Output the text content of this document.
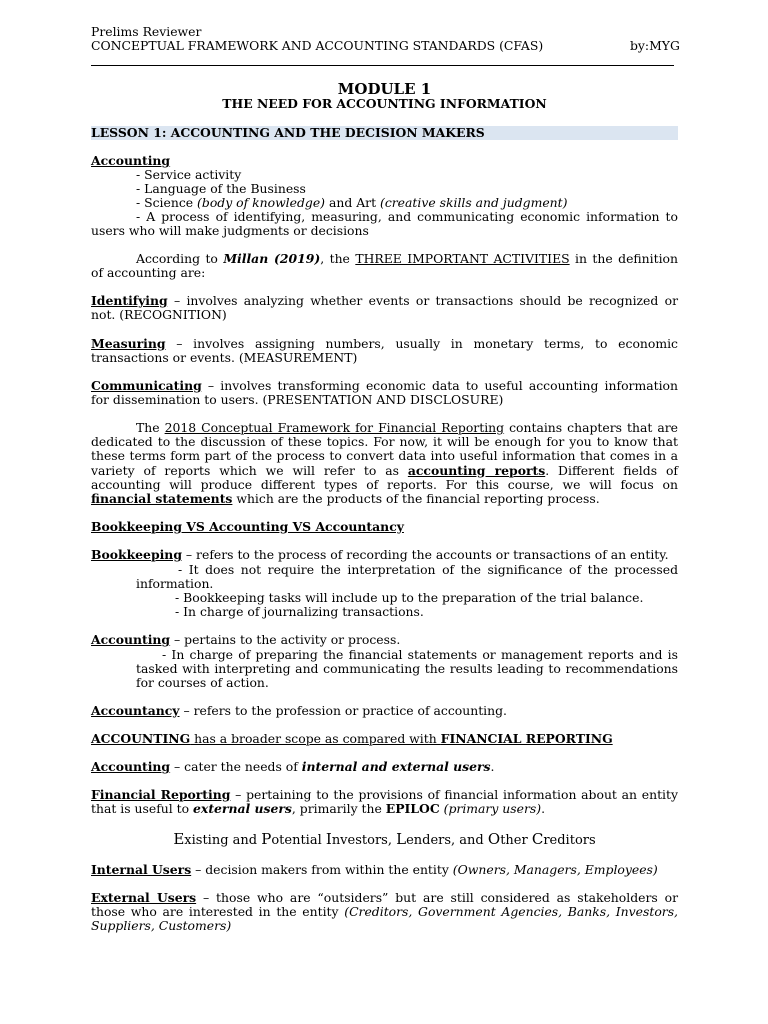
Prelims Reviewer
CONCEPTUAL FRAMEWORK AND ACCOUNTING STANDARDS (CFAS)	by:MYG
MODULE 1
THE NEED FOR ACCOUNTING INFORMATION
LESSON 1: ACCOUNTING AND THE DECISION MAKERS
Accounting
- Service activity
- Language of the Business
- Science (body of knowledge) and Art (creative skills and judgment)

- A process of identifying, measuring, and communicating economic information to users who will make judgments or decisions

According to Millan (2019), the THREE IMPORTANT ACTIVITIES in the definition of accounting are:

Identifying – involves analyzing whether events or transactions should be recognized or not. (RECOGNITION)

Measuring – involves assigning numbers, usually in monetary terms, to economic transactions or events. (MEASUREMENT)

Communicating – involves transforming economic data to useful accounting information for dissemination to users. (PRESENTATION AND DISCLOSURE)

The 2018 Conceptual Framework for Financial Reporting contains chapters that are dedicated to the discussion of these topics. For now, it will be enough for you to know that these terms form part of the process to convert data into useful information that comes in a variety of reports which we will refer to as accounting reports. Different fields of accounting will produce different types of reports. For this course, we will focus on financial statements which are the products of the financial reporting process.

Bookkeeping VS Accounting VS Accountancy
Bookkeeping – refers to the process of recording the accounts or transactions of an entity.

- It does not require the interpretation of the significance of the processed information.

- Bookkeeping tasks will include up to the preparation of the trial balance.
- In charge of journalizing transactions.
Accounting – pertains to the activity or process.

- In charge of preparing the financial statements or management reports and is tasked with interpreting and communicating the results leading to recommendations for courses of action.

Accountancy – refers to the profession or practice of accounting.
ACCOUNTING has a broader scope as compared with FINANCIAL REPORTING
Accounting – cater the needs of internal and external users.

Financial Reporting – pertaining to the provisions of financial information about an entity that is useful to external users, primarily the EPILOC (primary users).

Existing and Potential Investors, Lenders, and Other Creditors
Internal Users – decision makers from within the entity (Owners, Managers, Employees)

External Users – those who are “outsiders” but are still considered as stakeholders or those who are interested in the entity (Creditors, Government Agencies, Banks, Investors, Suppliers, Customers)
